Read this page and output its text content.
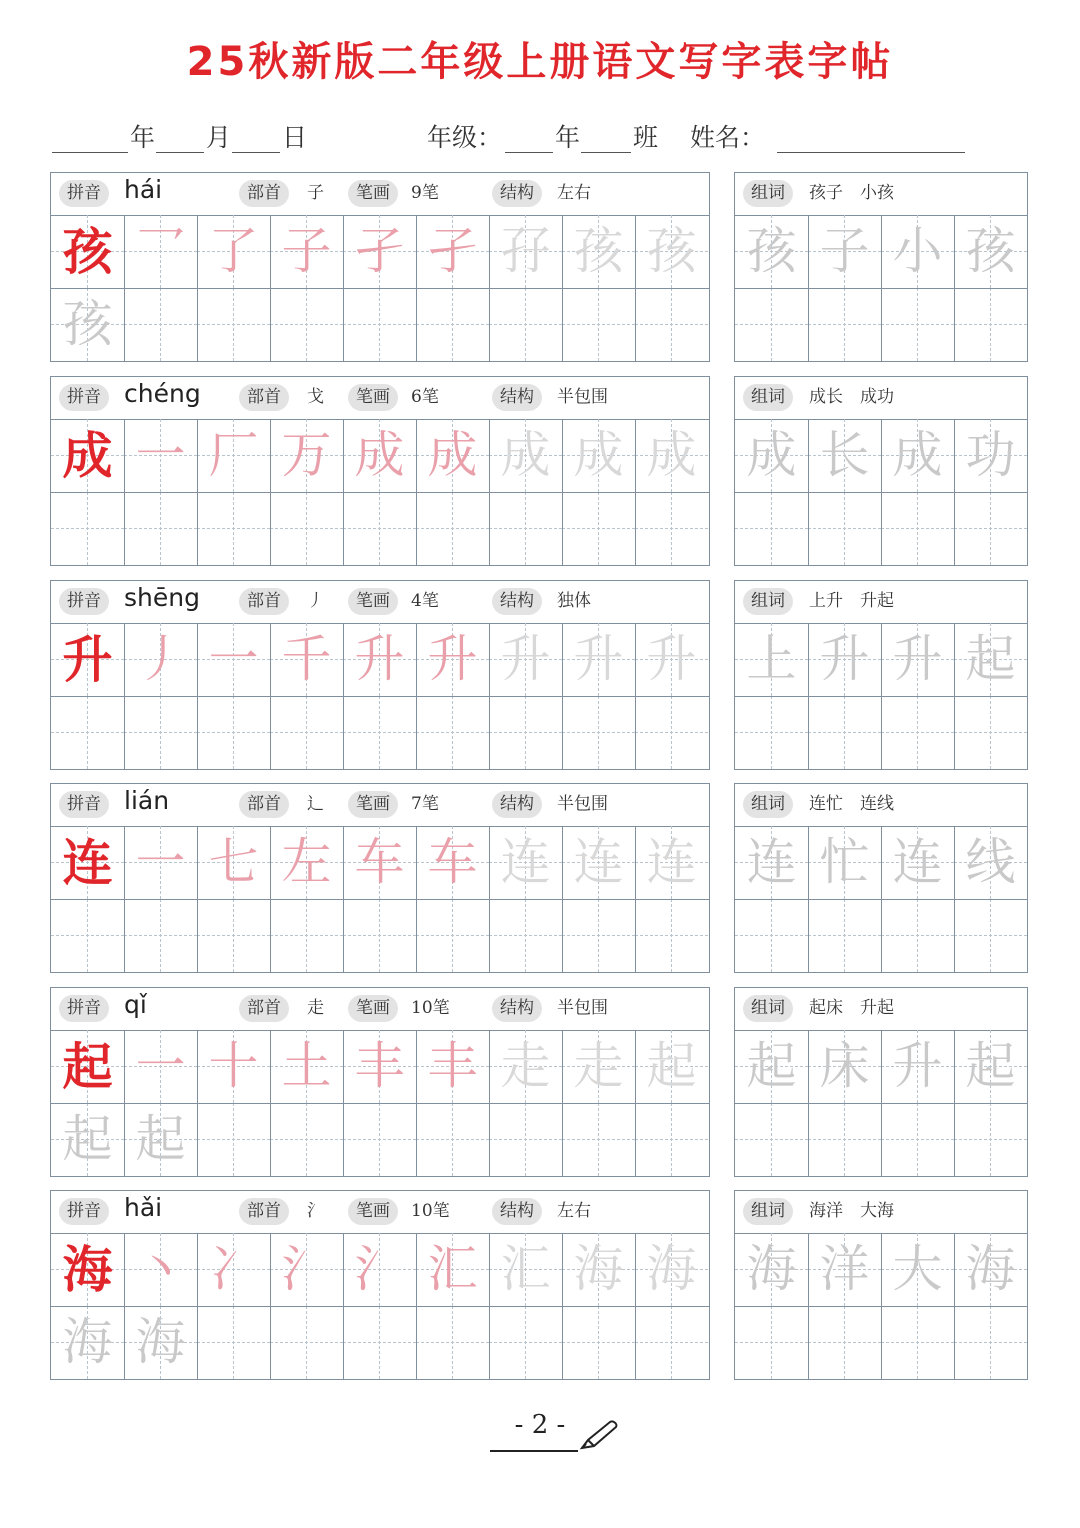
25秋新版二年级上册语文写字表字帖
年 月 日	年级： 年 班 姓名：
拼音 hái	部首	子	笔画	9笔	结构	左右
孩 乛 了 子 孑 孑 孖 孩 孩
孩
组词	孩子　小孩
孩 子 小 孩
拼音 chéng	部首	戈	笔画	6笔	结构	半包围
成 一 厂 万 成 成 成 成 成
组词	成长　成功
成 长 成 功
拼音 shēng	部首	丿	笔画	4笔	结构	独体
升 丿 一 千 升 升 升 升 升
组词	上升　升起
上 升 升 起
拼音 lián	部首	辶	笔画	7笔	结构	半包围
连 一 七 左 车 车 连 连 连
组词	连忙　连线
连 忙 连 线
拼音 qǐ	部首	走	笔画	10笔	结构	半包围
起 一 十 土 丰 丰 走 走 起
起 起
组词	起床　升起
起 床 升 起
拼音 hǎi	部首	氵	笔画	10笔	结构	左右
海 丶 冫 氵 氵 汇 汇 海 海
海 海
组词	海洋　大海
海 洋 大 海
- 2 -
